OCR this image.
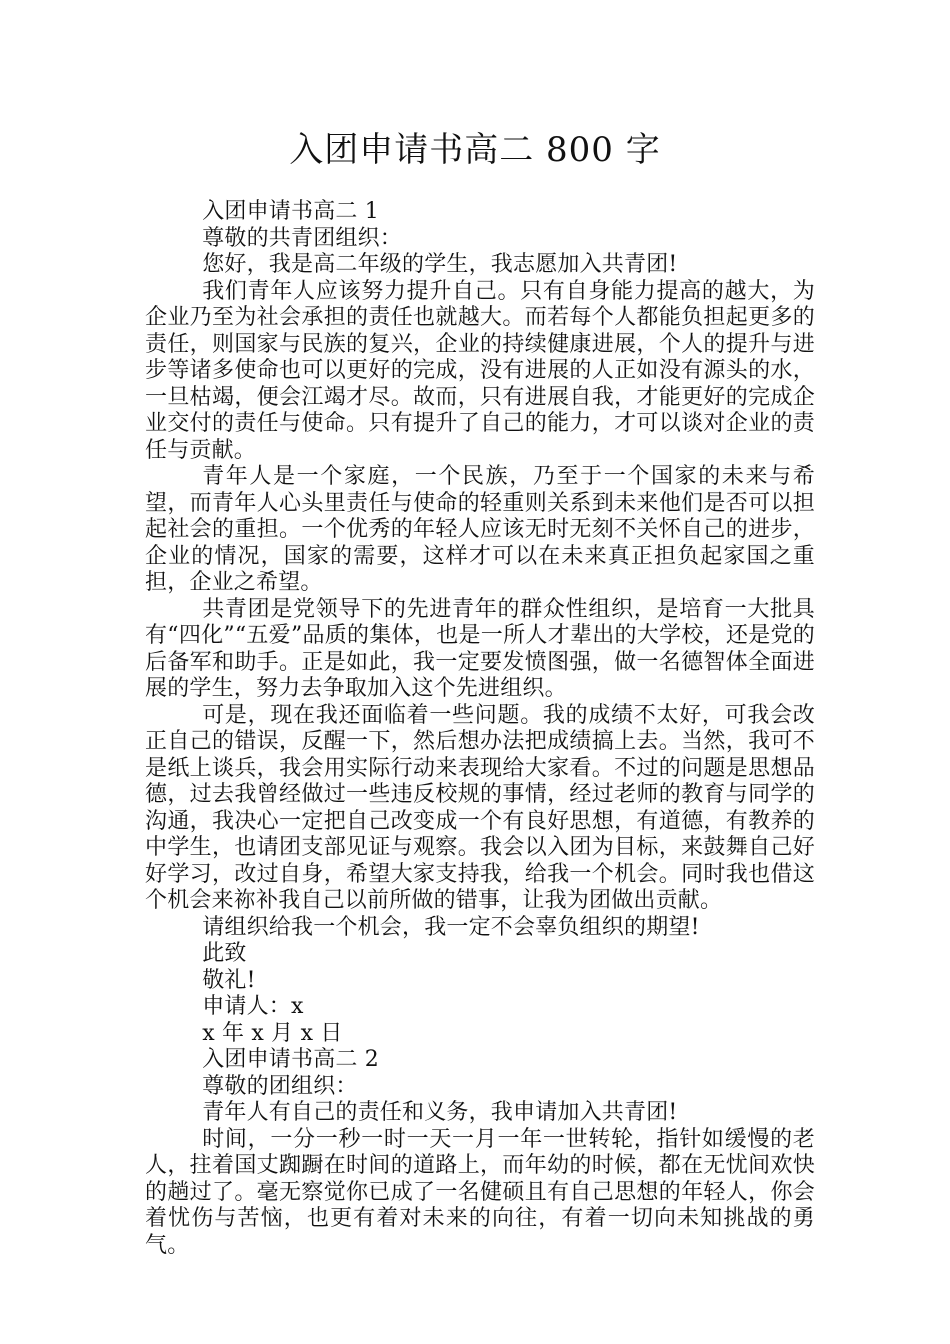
入团申请书高二 800 字

入团申请书高二 1

尊敬的共青团组织：

您好，我是高二年级的学生，我志愿加入共青团!

我们青年人应该努力提升自己。只有自身能力提高的越大，为企业乃至为社会承担的责任也就越大。而若每个人都能负担起更多的责任，则国家与民族的复兴，企业的持续健康进展，个人的提升与进步等诸多使命也可以更好的完成，没有进展的人正如没有源头的水，一旦枯竭，便会江竭才尽。故而，只有进展自我，才能更好的完成企业交付的责任与使命。只有提升了自己的能力，才可以谈对企业的责任与贡献。

青年人是一个家庭，一个民族，乃至于一个国家的未来与希望，而青年人心头里责任与使命的轻重则关系到未来他们是否可以担起社会的重担。一个优秀的年轻人应该无时无刻不关怀自己的进步，企业的情况，国家的需要，这样才可以在未来真正担负起家国之重担，企业之希望。

共青团是党领导下的先进青年的群众性组织，是培育一大批具有“四化”“五爱”品质的集体，也是一所人才辈出的大学校，还是党的后备军和助手。正是如此，我一定要发愤图强，做一名德智体全面进展的学生，努力去争取加入这个先进组织。

可是，现在我还面临着一些问题。我的成绩不太好，可我会改正自己的错误，反醒一下，然后想办法把成绩搞上去。当然，我可不是纸上谈兵，我会用实际行动来表现给大家看。不过的问题是思想品德，过去我曾经做过一些违反校规的事情，经过老师的教育与同学的沟通，我决心一定把自己改变成一个有良好思想，有道德，有教养的中学生，也请团支部见证与观察。我会以入团为目标，来鼓舞自己好好学习，改过自身，希望大家支持我，给我一个机会。同时我也借这个机会来祢补我自己以前所做的错事，让我为团做出贡献。

请组织给我一个机会，我一定不会辜负组织的期望!

此致

敬礼!

申请人：x

x 年 x 月 x 日

入团申请书高二 2

尊敬的团组织：

青年人有自己的责任和义务，我申请加入共青团!

时间，一分一秒一时一天一月一年一世转轮，指针如缓慢的老人，拄着国丈踟蹰在时间的道路上，而年幼的时候，都在无忧间欢快的趟过了。毫无察觉你已成了一名健硕且有自己思想的年轻人，你会着忧伤与苦恼，也更有着对未来的向往，有着一切向未知挑战的勇气。
